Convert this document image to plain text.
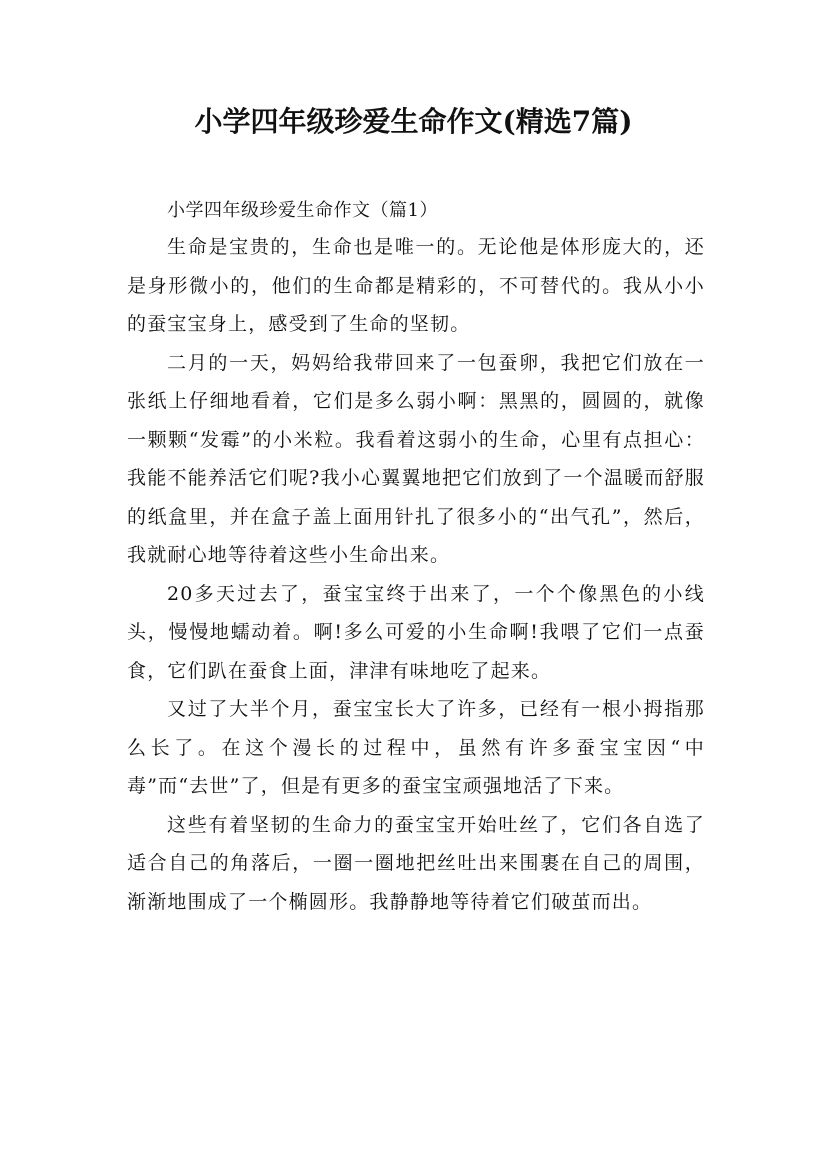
小学四年级珍爱生命作文(精选7篇)

小学四年级珍爱生命作文（篇1）

生命是宝贵的，生命也是唯一的。无论他是体形庞大的，还是身形微小的，他们的生命都是精彩的，不可替代的。我从小小的蚕宝宝身上，感受到了生命的坚韧。

二月的一天，妈妈给我带回来了一包蚕卵，我把它们放在一张纸上仔细地看着，它们是多么弱小啊：黑黑的，圆圆的，就像一颗颗“发霉”的小米粒。我看着这弱小的生命，心里有点担心：我能不能养活它们呢?我小心翼翼地把它们放到了一个温暖而舒服的纸盒里，并在盒子盖上面用针扎了很多小的“出气孔”，然后，我就耐心地等待着这些小生命出来。

20多天过去了，蚕宝宝终于出来了，一个个像黑色的小线头，慢慢地蠕动着。啊!多么可爱的小生命啊!我喂了它们一点蚕食，它们趴在蚕食上面，津津有味地吃了起来。

又过了大半个月，蚕宝宝长大了许多，已经有一根小拇指那么长了。在这个漫长的过程中，虽然有许多蚕宝宝因“中毒”而“去世”了，但是有更多的蚕宝宝顽强地活了下来。

这些有着坚韧的生命力的蚕宝宝开始吐丝了，它们各自选了适合自己的角落后，一圈一圈地把丝吐出来围裹在自己的周围，渐渐地围成了一个椭圆形。我静静地等待着它们破茧而出。
